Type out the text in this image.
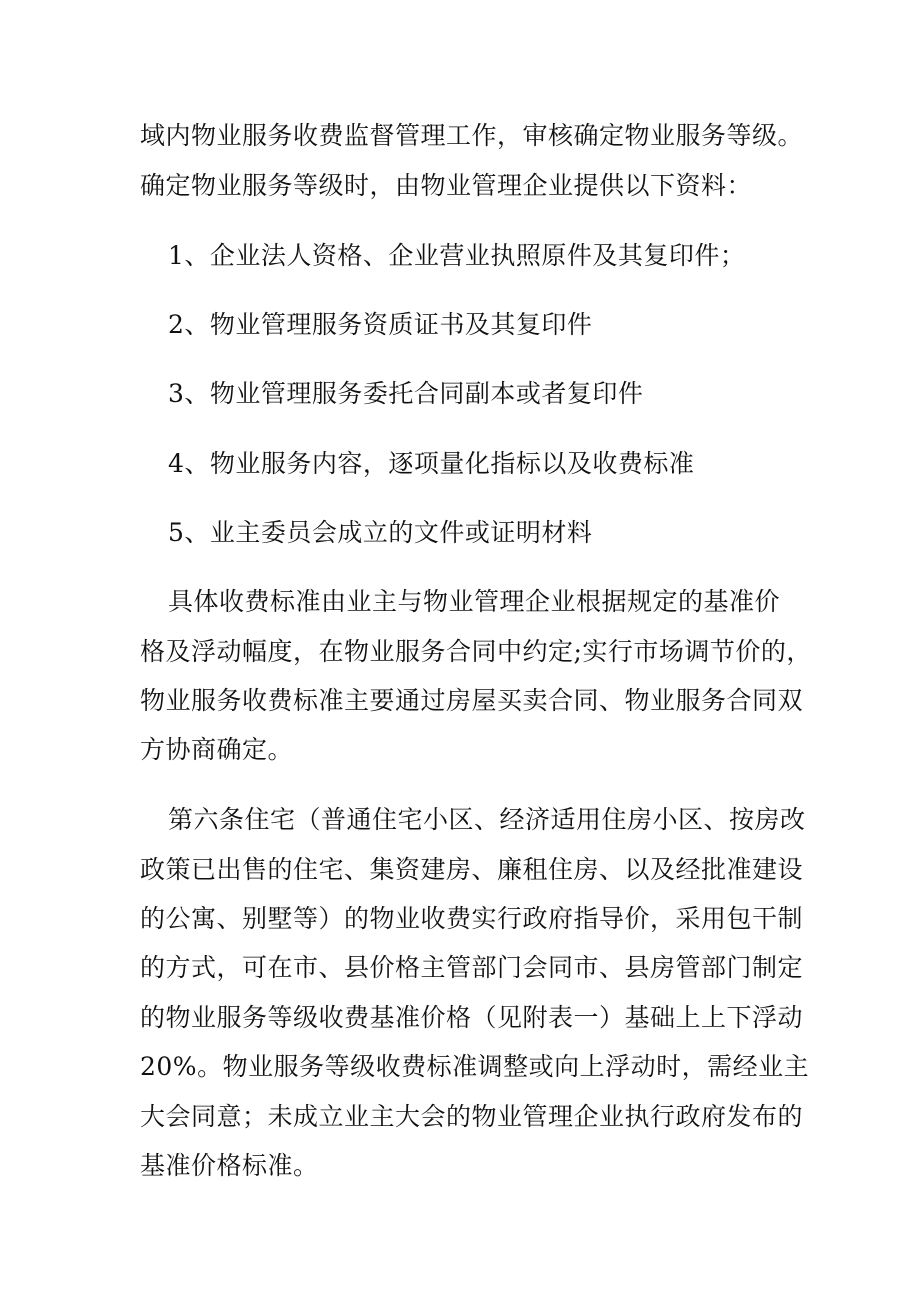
域内物业服务收费监督管理工作，审核确定物业服务等级。
确定物业服务等级时，由物业管理企业提供以下资料：
1、企业法人资格、企业营业执照原件及其复印件；
2、物业管理服务资质证书及其复印件
3、物业管理服务委托合同副本或者复印件
4、物业服务内容，逐项量化指标以及收费标准
5、业主委员会成立的文件或证明材料
具体收费标准由业主与物业管理企业根据规定的基准价
格及浮动幅度，在物业服务合同中约定;实行市场调节价的，
物业服务收费标准主要通过房屋买卖合同、物业服务合同双
方协商确定。
第六条住宅（普通住宅小区、经济适用住房小区、按房改
政策已出售的住宅、集资建房、廉租住房、以及经批准建设
的公寓、别墅等）的物业收费实行政府指导价，采用包干制
的方式，可在市、县价格主管部门会同市、县房管部门制定
的物业服务等级收费基准价格（见附表一）基础上上下浮动
20%。物业服务等级收费标准调整或向上浮动时，需经业主
大会同意；未成立业主大会的物业管理企业执行政府发布的
基准价格标准。
